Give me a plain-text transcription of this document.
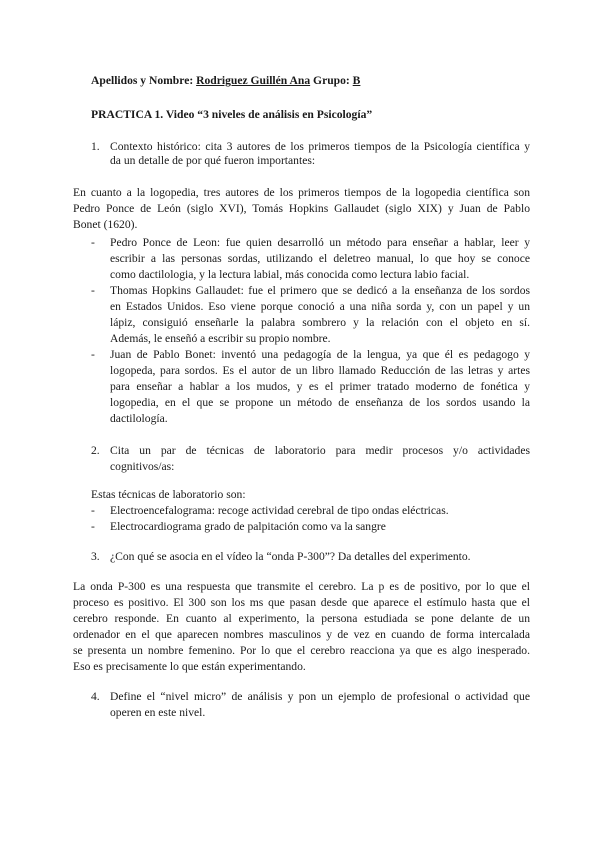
Apellidos y Nombre: Rodriguez Guillén Ana Grupo: B
PRACTICA 1. Video “3 niveles de análisis en Psicología”
1. Contexto histórico: cita 3 autores de los primeros tiempos de la Psicología científica y
da un detalle de por qué fueron importantes:
En cuanto a la logopedia, tres autores de los primeros tiempos de la logopedia científica son
Pedro Ponce de León (siglo XVI), Tomás Hopkins Gallaudet (siglo XIX) y Juan de Pablo
Bonet (1620).
- Pedro Ponce de Leon: fue quien desarrolló un método para enseñar a hablar, leer y
escribir a las personas sordas, utilizando el deletreo manual, lo que hoy se conoce
como dactilologia, y la lectura labial, más conocida como lectura labio facial.
- Thomas Hopkins Gallaudet: fue el primero que se dedicó a la enseñanza de los sordos
en Estados Unidos. Eso viene porque conoció a una niña sorda y, con un papel y un
lápiz, consiguió enseñarle la palabra sombrero y la relación con el objeto en sí.
Además, le enseñó a escribir su propio nombre.
- Juan de Pablo Bonet: inventó una pedagogía de la lengua, ya que él es pedagogo y
logopeda, para sordos. Es el autor de un libro llamado Reducción de las letras y artes
para enseñar a hablar a los mudos, y es el primer tratado moderno de fonética y
logopedia, en el que se propone un método de enseñanza de los sordos usando la
dactilología.
2. Cita un par de técnicas de laboratorio para medir procesos y/o actividades
cognitivos/as:
Estas técnicas de laboratorio son:
- Electroencefalograma: recoge actividad cerebral de tipo ondas eléctricas.
- Electrocardiograma grado de palpitación como va la sangre
3. ¿Con qué se asocia en el vídeo la “onda P-300”? Da detalles del experimento.
La onda P-300 es una respuesta que transmite el cerebro. La p es de positivo, por lo que el
proceso es positivo. El 300 son los ms que pasan desde que aparece el estímulo hasta que el
cerebro responde. En cuanto al experimento, la persona estudiada se pone delante de un
ordenador en el que aparecen nombres masculinos y de vez en cuando de forma intercalada
se presenta un nombre femenino. Por lo que el cerebro reacciona ya que es algo inesperado.
Eso es precisamente lo que están experimentando.
4. Define el “nivel micro” de análisis y pon un ejemplo de profesional o actividad que
operen en este nivel.
